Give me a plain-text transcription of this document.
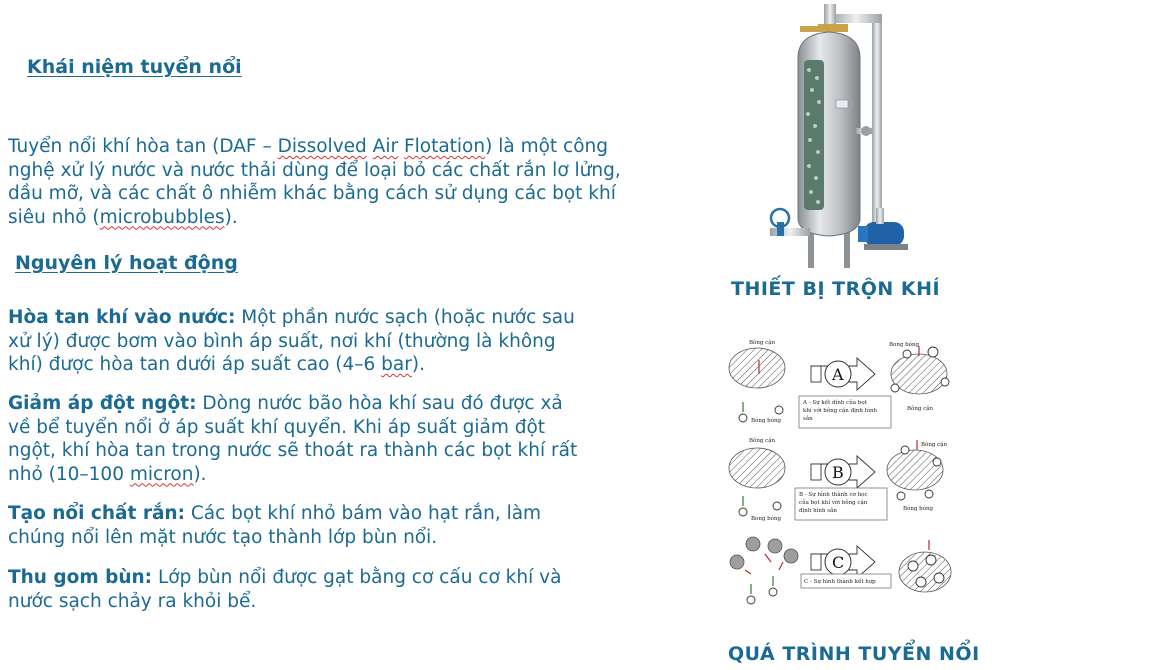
Khái niệm tuyển nổi
Tuyển nổi khí hòa tan (DAF – Dissolved Air Flotation) là một công nghệ xử lý nước và nước thải dùng để loại bỏ các chất rắn lơ lửng, dầu mỡ, và các chất ô nhiễm khác bằng cách sử dụng các bọt khí siêu nhỏ (microbubbles).
Nguyên lý hoạt động
Hòa tan khí vào nước: Một phần nước sạch (hoặc nước sau xử lý) được bơm vào bình áp suất, nơi khí (thường là không khí) được hòa tan dưới áp suất cao (4–6 bar).
Giảm áp đột ngột: Dòng nước bão hòa khí sau đó được xả về bể tuyển nổi ở áp suất khí quyển. Khi áp suất giảm đột ngột, khí hòa tan trong nước sẽ thoát ra thành các bọt khí rất nhỏ (10–100 micron).
Tạo nổi chất rắn: Các bọt khí nhỏ bám vào hạt rắn, làm chúng nổi lên mặt nước tạo thành lớp bùn nổi.
Thu gom bùn: Lớp bùn nổi được gạt bằng cơ cấu cơ khí và nước sạch chảy ra khỏi bể.
THIẾT BỊ TRỘN KHÍ
Bông cặn
Bong bóng
A
A - Sự kết dính của bọt
khí với bông cặn định hình
sẵn
Bong bóng
Bông cặn
Bông cặn
Bong bóng
B
B - Sự hình thành cơ học
của bọt khí với bông cặn
định hình sẵn
Bông cặn
Bong bóng
C
C - Sự hình thành kết hợp
QUÁ TRÌNH TUYỂN NỔI
